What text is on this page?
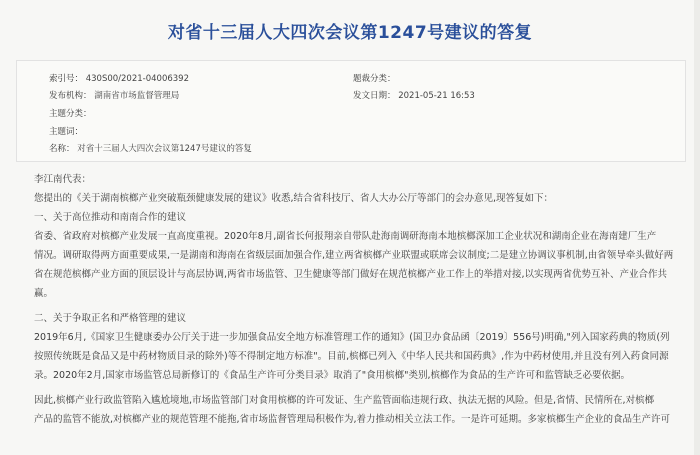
对省十三届人大四次会议第1247号建议的答复
索引号： 430S00/2021-04006392	题裁分类：
发布机构： 湖南省市场监督管理局	发文日期： 2021-05-21 16:53
主题分类：
主题词：
名称： 对省十三届人大四次会议第1247号建议的答复

李江南代表：

您提出的《关于湖南槟榔产业突破瓶颈健康发展的建议》收悉,结合省科技厅、省人大办公厅等部门的会办意见,现答复如下：

一、关于高位推动和南南合作的建议

省委、省政府对槟榔产业发展一直高度重视。2020年8月,副省长何报翔亲自带队赴海南调研海南本地槟榔深加工企业状况和湖南企业在海南建厂生产

情况。调研取得两方面重要成果,一是湖南和海南在省级层面加强合作,建立两省槟榔产业联盟或联席会议制度;二是建立协调议事机制,由省领导牵头做好两

省在规范槟榔产业方面的顶层设计与高层协调,两省市场监管、卫生健康等部门做好在规范槟榔产业工作上的举措对接,以实现两省优势互补、产业合作共

赢。

二、关于争取正名和严格管理的建议

2019年6月,《国家卫生健康委办公厅关于进一步加强食品安全地方标准管理工作的通知》(国卫办食品函〔2019〕556号)明确,"列入国家药典的物质(列

按照传统既是食品又是中药材物质目录的除外)等不得制定地方标准"。目前,槟榔已列入《中华人民共和国药典》,作为中药材使用,并且没有列入药食同源

录。2020年2月,国家市场监管总局新修订的《食品生产许可分类目录》取消了"食用槟榔"类别,槟榔作为食品的生产许可和监管缺乏必要依据。

因此,槟榔产业行政监管陷入尴尬境地,市场监管部门对食用槟榔的许可发证、生产监管面临违规行政、执法无据的风险。但是,省情、民情所在,对槟榔

产品的监管不能放,对槟榔产业的规范管理不能拖,省市场监督管理局积极作为,着力推动相关立法工作。一是许可延期。多家槟榔生产企业的食品生产许可
